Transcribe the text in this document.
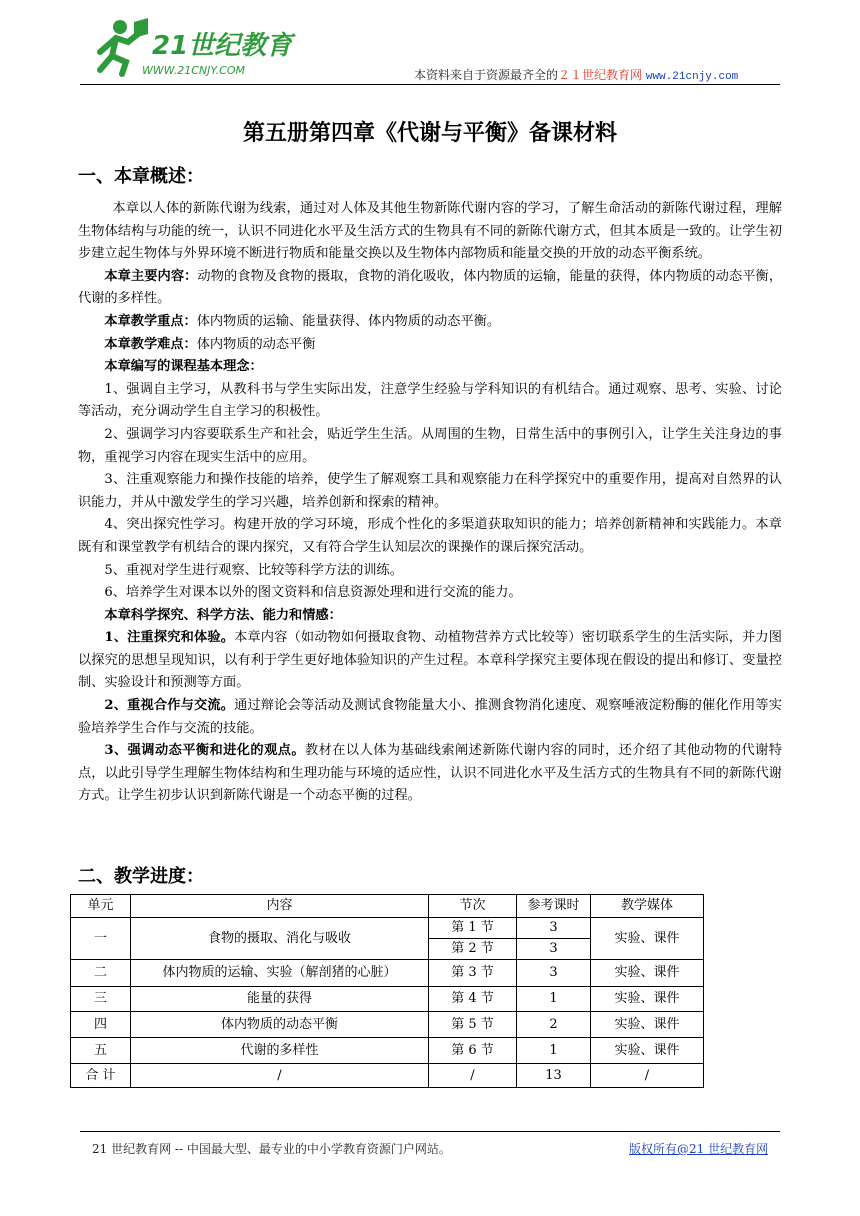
21世纪教育
WWW.21CNJY.COM	本资料来自于资源最齐全的２１世纪教育网 www.21cnjy.com
第五册第四章《代谢与平衡》备课材料
一、本章概述：

本章以人体的新陈代谢为线索，通过对人体及其他生物新陈代谢内容的学习，了解生命活动的新陈代谢过程，理解生物体结构与功能的统一，认识不同进化水平及生活方式的生物具有不同的新陈代谢方式，但其本质是一致的。让学生初步建立起生物体与外界环境不断进行物质和能量交换以及生物体内部物质和能量交换的开放的动态平衡系统。

本章主要内容：动物的食物及食物的摄取，食物的消化吸收，体内物质的运输，能量的获得，体内物质的动态平衡，代谢的多样性。

本章教学重点：体内物质的运输、能量获得、体内物质的动态平衡。

本章教学难点：体内物质的动态平衡

本章编写的课程基本理念：

1、强调自主学习，从教科书与学生实际出发，注意学生经验与学科知识的有机结合。通过观察、思考、实验、讨论等活动，充分调动学生自主学习的积极性。

2、强调学习内容要联系生产和社会，贴近学生生活。从周围的生物，日常生活中的事例引入，让学生关注身边的事物，重视学习内容在现实生活中的应用。

3、注重观察能力和操作技能的培养，使学生了解观察工具和观察能力在科学探究中的重要作用，提高对自然界的认识能力，并从中激发学生的学习兴趣，培养创新和探索的精神。

4、突出探究性学习。构建开放的学习环境，形成个性化的多渠道获取知识的能力；培养创新精神和实践能力。本章既有和课堂教学有机结合的课内探究，又有符合学生认知层次的课操作的课后探究活动。

5、重视对学生进行观察、比较等科学方法的训练。

6、培养学生对课本以外的图文资料和信息资源处理和进行交流的能力。

本章科学探究、科学方法、能力和情感：

1、注重探究和体验。本章内容（如动物如何摄取食物、动植物营养方式比较等）密切联系学生的生活实际，并力图以探究的思想呈现知识，以有利于学生更好地体验知识的产生过程。本章科学探究主要体现在假设的提出和修订、变量控制、实验设计和预测等方面。

2、重视合作与交流。通过辩论会等活动及测试食物能量大小、推测食物消化速度、观察唾液淀粉酶的催化作用等实验培养学生合作与交流的技能。

3、强调动态平衡和进化的观点。教材在以人体为基础线索阐述新陈代谢内容的同时，还介绍了其他动物的代谢特点，以此引导学生理解生物体结构和生理功能与环境的适应性，认识不同进化水平及生活方式的生物具有不同的新陈代谢方式。让学生初步认识到新陈代谢是一个动态平衡的过程。

二、教学进度：
单元	内容	节次	参考课时	教学媒体
一	食物的摄取、消化与吸收	第 1 节	3	实验、课件
		第 2 节	3	
二	体内物质的运输、实验（解剖猪的心脏）	第 3 节	3	实验、课件
三	能量的获得	第 4 节	1	实验、课件
四	体内物质的动态平衡	第 5 节	2	实验、课件
五	代谢的多样性	第 6 节	1	实验、课件
合 计	/	/	13	/
21 世纪教育网 -- 中国最大型、最专业的中小学教育资源门户网站。	版权所有@21 世纪教育网
